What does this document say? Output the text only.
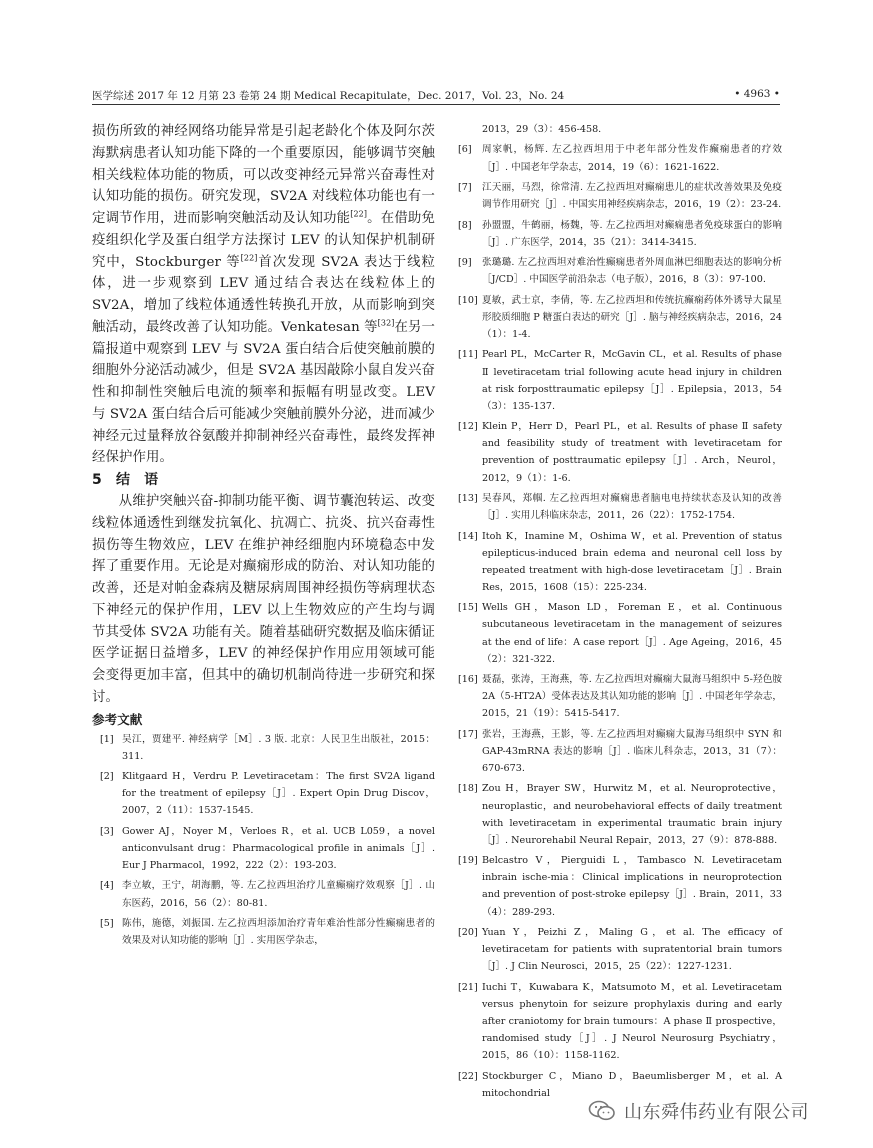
医学综述 2017 年 12 月第 23 卷第 24 期 Medical Recapitulate，Dec. 2017，Vol. 23，No. 24	• 4963 •

损伤所致的神经网络功能异常是引起老龄化个体及阿尔茨海默病患者认知功能下降的一个重要原因，能够调节突触相关线粒体功能的物质，可以改变神经元异常兴奋毒性对认知功能的损伤。研究发现，SV2A 对线粒体功能也有一定调节作用，进而影响突触活动及认知功能[22]。在借助免疫组织化学及蛋白组学方法探讨 LEV 的认知保护机制研究中，Stockburger 等[22]首次发现 SV2A 表达于线粒体，进一步观察到 LEV 通过结合表达在线粒体上的 SV2A，增加了线粒体通透性转换孔开放，从而影响到突触活动，最终改善了认知功能。Venkatesan 等[32]在另一篇报道中观察到 LEV 与 SV2A 蛋白结合后使突触前膜的细胞外分泌活动减少，但是 SV2A 基因敲除小鼠自发兴奋性和抑制性突触后电流的频率和振幅有明显改变。LEV 与 SV2A 蛋白结合后可能减少突触前膜外分泌，进而减少神经元过量释放谷氨酸并抑制神经兴奋毒性，最终发挥神经保护作用。

5　结　语

从维护突触兴奋-抑制功能平衡、调节囊泡转运、改变线粒体通透性到继发抗氧化、抗凋亡、抗炎、抗兴奋毒性损伤等生物效应，LEV 在维护神经细胞内环境稳态中发挥了重要作用。无论是对癫痫形成的防治、对认知功能的改善，还是对帕金森病及糖尿病周围神经损伤等病理状态下神经元的保护作用，LEV 以上生物效应的产生均与调节其受体 SV2A 功能有关。随着基础研究数据及临床循证医学证据日益增多，LEV 的神经保护作用应用领域可能会变得更加丰富，但其中的确切机制尚待进一步研究和探讨。

参考文献

[1] 吴江，贾建平. 神经病学［M］. 3 版. 北京：人民卫生出版社，2015：311.
[2] Klitgaard H，Verdru P. Levetiracetam：The first SV2A ligand for the treatment of epilepsy［J］. Expert Opin Drug Discov，2007，2（11）：1537-1545.
[3] Gower AJ，Noyer M，Verloes R，et al. UCB L059，a novel anticonvulsant drug：Pharmacological profile in animals［J］. Eur J Pharmacol，1992，222（2）：193-203.
[4] 李立敏，王宁，胡海鹏，等. 左乙拉西坦治疗儿童癫痫疗效观察［J］. 山东医药，2016，56（2）：80-81.
[5] 陈伟，施德，刘振国. 左乙拉西坦添加治疗青年难治性部分性癫痫患者的效果及对认知功能的影响［J］. 实用医学杂志，
2013，29（3）：456-458.
[6]	周家帆，杨辉. 左乙拉西坦用于中老年部分性发作癫痫患者的疗效［J］. 中国老年学杂志，2014，19（6）：1621-1622.
[7]	江天丽，马烈，徐常清. 左乙拉西坦对癫痫患儿的症状改善效果及免疫调节作用研究［J］. 中国实用神经疾病杂志，2016，19（2）：23-24.
[8]	孙盟盟，牛鹤丽，杨魏，等. 左乙拉西坦对癫痫患者免疫球蛋白的影响［J］. 广东医学，2014，35（21）：3414-3415.
[9]	张璐璐. 左乙拉西坦对难治性癫痫患者外周血淋巴细胞表达的影响分析［J/CD］. 中国医学前沿杂志（电子版），2016，8（3）：97-100.
[10] 夏敏，武士京，李倩，等. 左乙拉西坦和传统抗癫痫药体外诱导大鼠星形胶质细胞 P 糖蛋白表达的研究［J］. 脑与神经疾病杂志，2016，24（1）：1-4.
[11] Pearl PL，McCarter R，McGavin CL，et al. Results of phase Ⅱ levetiracetam trial following acute head injury in children at risk forposttraumatic epilepsy［J］. Epilepsia，2013，54（3）：135-137.
[12] Klein P，Herr D，Pearl PL，et al. Results of phase Ⅱ safety and feasibility study of treatment with levetiracetam for prevention of posttraumatic epilepsy［J］. Arch，Neurol，2012，9（1）：1-6.
[13] 吴春风，郑帼. 左乙拉西坦对癫痫患者脑电电持续状态及认知的改善［J］. 实用儿科临床杂志，2011，26（22）：1752-1754.
[14] Itoh K，Inamine M，Oshima W，et al. Prevention of status epilepticus-induced brain edema and neuronal cell loss by repeated treatment with high-dose levetiracetam［J］. Brain Res，2015，1608（15）：225-234.
[15] Wells GH，Mason LD，Foreman E，et al. Continuous subcutaneous levetiracetam in the management of seizures at the end of life：A case report［J］. Age Ageing，2016，45（2）：321-322.
[16] 聂磊，张涛，王海燕，等. 左乙拉西坦对癫痫大鼠海马组织中 5-羟色胺 2A（5-HT2A）受体表达及其认知功能的影响［J］. 中国老年学杂志，2015，21（19）：5415-5417.
[17] 张岩，王海燕，王影，等. 左乙拉西坦对癫痫大鼠海马组织中 SYN 和 GAP-43mRNA 表达的影响［J］. 临床儿科杂志，2013，31（7）：670-673.
[18] Zou H，Brayer SW，Hurwitz M，et al. Neuroprotective，neuroplastic，and neurobehavioral effects of daily treatment with levetiracetam in experimental traumatic brain injury［J］. Neurorehabil Neural Repair，2013，27（9）：878-888.
[19] Belcastro V，Pierguidi L，Tambasco N. Levetiracetam inbrain ische-mia：Clinical implications in neuroprotection and prevention of post-stroke epilepsy［J］. Brain，2011，33（4）：289-293.
[20] Yuan Y，Peizhi Z，Maling G，et al. The efficacy of levetiracetam for patients with supratentorial brain tumors［J］. J Clin Neurosci，2015，25（22）：1227-1231.
[21] Iuchi T，Kuwabara K，Matsumoto M，et al. Levetiracetam versus phenytoin for seizure prophylaxis during and early after craniotomy for brain tumours：A phase Ⅱ prospective，randomised study［J］. J Neurol Neurosurg Psychiatry，2015，86（10）：1158-1162.
[22] Stockburger C，Miano D，Baeumlisberger M，et al. A mitochondrial
山东舜伟药业有限公司
